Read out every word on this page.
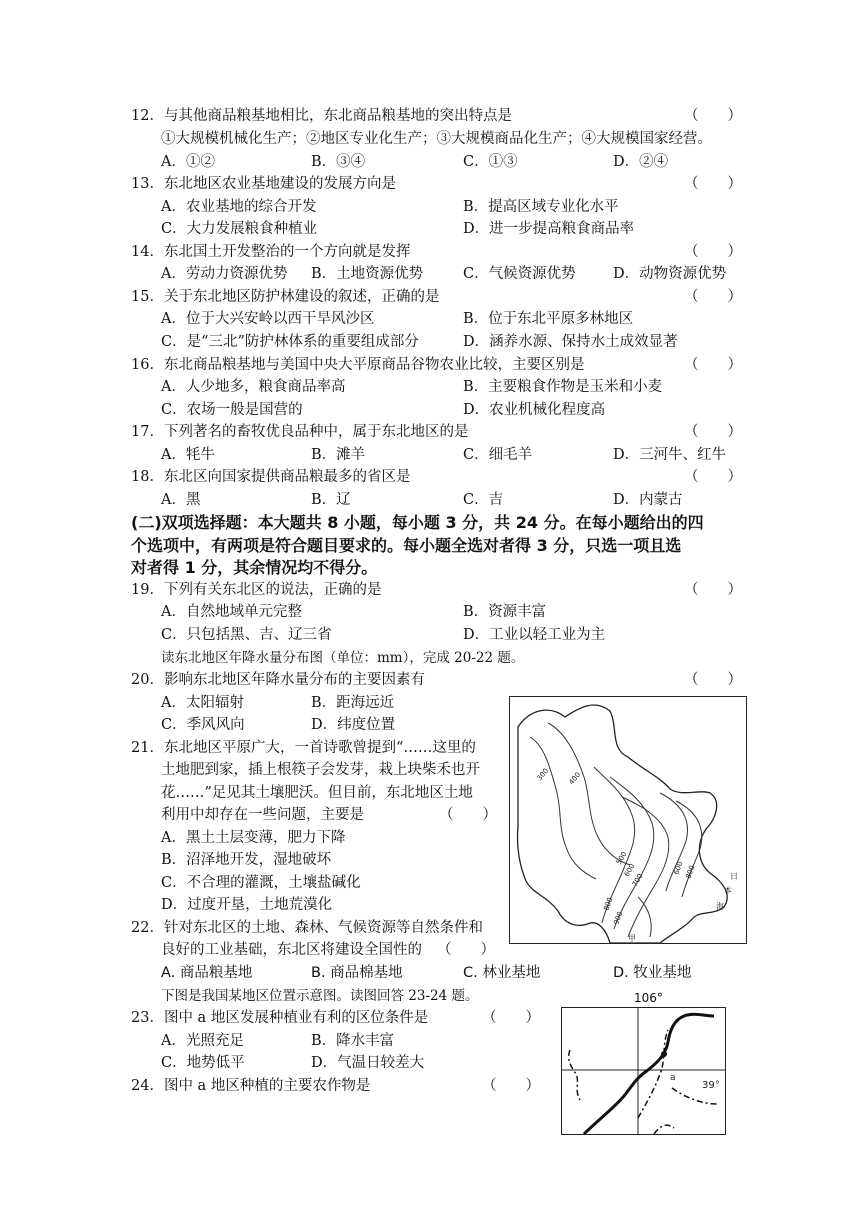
12．与其他商品粮基地相比，东北商品粮基地的突出特点是	（　　）
①大规模机械化生产；②地区专业化生产；③大规模商品化生产；④大规模国家经营。
A．①②	B．③④	C．①③	D．②④
13．东北地区农业基地建设的发展方向是	（　　）
A．农业基地的综合开发	B．提高区域专业化水平
C．大力发展粮食种植业	D．进一步提高粮食商品率
14．东北国土开发整治的一个方向就是发挥	（　　）
A．劳动力资源优势 B．土地资源优势	C．气候资源优势	D．动物资源优势
15．关于东北地区防护林建设的叙述，正确的是	（　　）
A．位于大兴安岭以西干旱风沙区	B．位于东北平原多林地区
C．是“三北”防护林体系的重要组成部分	D．涵养水源、保持水土成效显著
16．东北商品粮基地与美国中央大平原商品谷物农业比较，主要区别是	（　　）
A．人少地多，粮食商品率高	B．主要粮食作物是玉米和小麦
C．农场一般是国营的	D．农业机械化程度高
17．下列著名的畜牧优良品种中，属于东北地区的是	（　　）
A．牦牛	B．滩羊	C．细毛羊	D．三河牛、红牛
18．东北区向国家提供商品粮最多的省区是	（　　）
A．黑	B．辽	C．吉	D．内蒙古
(二)双项选择题：本大题共 8 小题，每小题 3 分，共 24 分。在每小题给出的四
个选项中，有两项是符合题目要求的。每小题全选对者得 3 分，只选一项且选
对者得 1 分，其余情况均不得分。
19．下列有关东北区的说法，正确的是	（　　）
A．自然地域单元完整	B．资源丰富
C．只包括黑、吉、辽三省	D．工业以轻工业为主
读东北地区年降水量分布图（单位：mm），完成 20-22 题。
20．影响东北地区年降水量分布的主要因素有	（　　）
A．太阳辐射	B．距海远近
C．季风风向	D．纬度位置
21．东北地区平原广大，一首诗歌曾提到“……这里的
土地肥到家，插上根筷子会发芽，栽上块柴禾也开
花……”足见其土壤肥沃。但目前，东北地区土地
利用中却存在一些问题，主要是	（　　）
A．黑土土层变薄，肥力下降
B．沼泽地开发，湿地破坏
C．不合理的灌溉，土壤盐碱化
D．过度开垦，土地荒漠化
22．针对东北区的土地、森林、气候资源等自然条件和
良好的工业基础，东北区将建设全国性的 （　　）
A. 商品粮基地	B. 商品棉基地	C. 林业基地	D. 牧业基地
下图是我国某地区位置示意图。读图回答 23-24 题。
23．图中 a 地区发展种植业有利的区位条件是	（　　）
A．光照充足	B．降水丰富
C．地势低平	D．气温日较差大
24．图中 a 地区种植的主要农作物是	（　　）
300 400
500
600
700
800
900
600 800	日
本
海
甲
a
39°
106°
